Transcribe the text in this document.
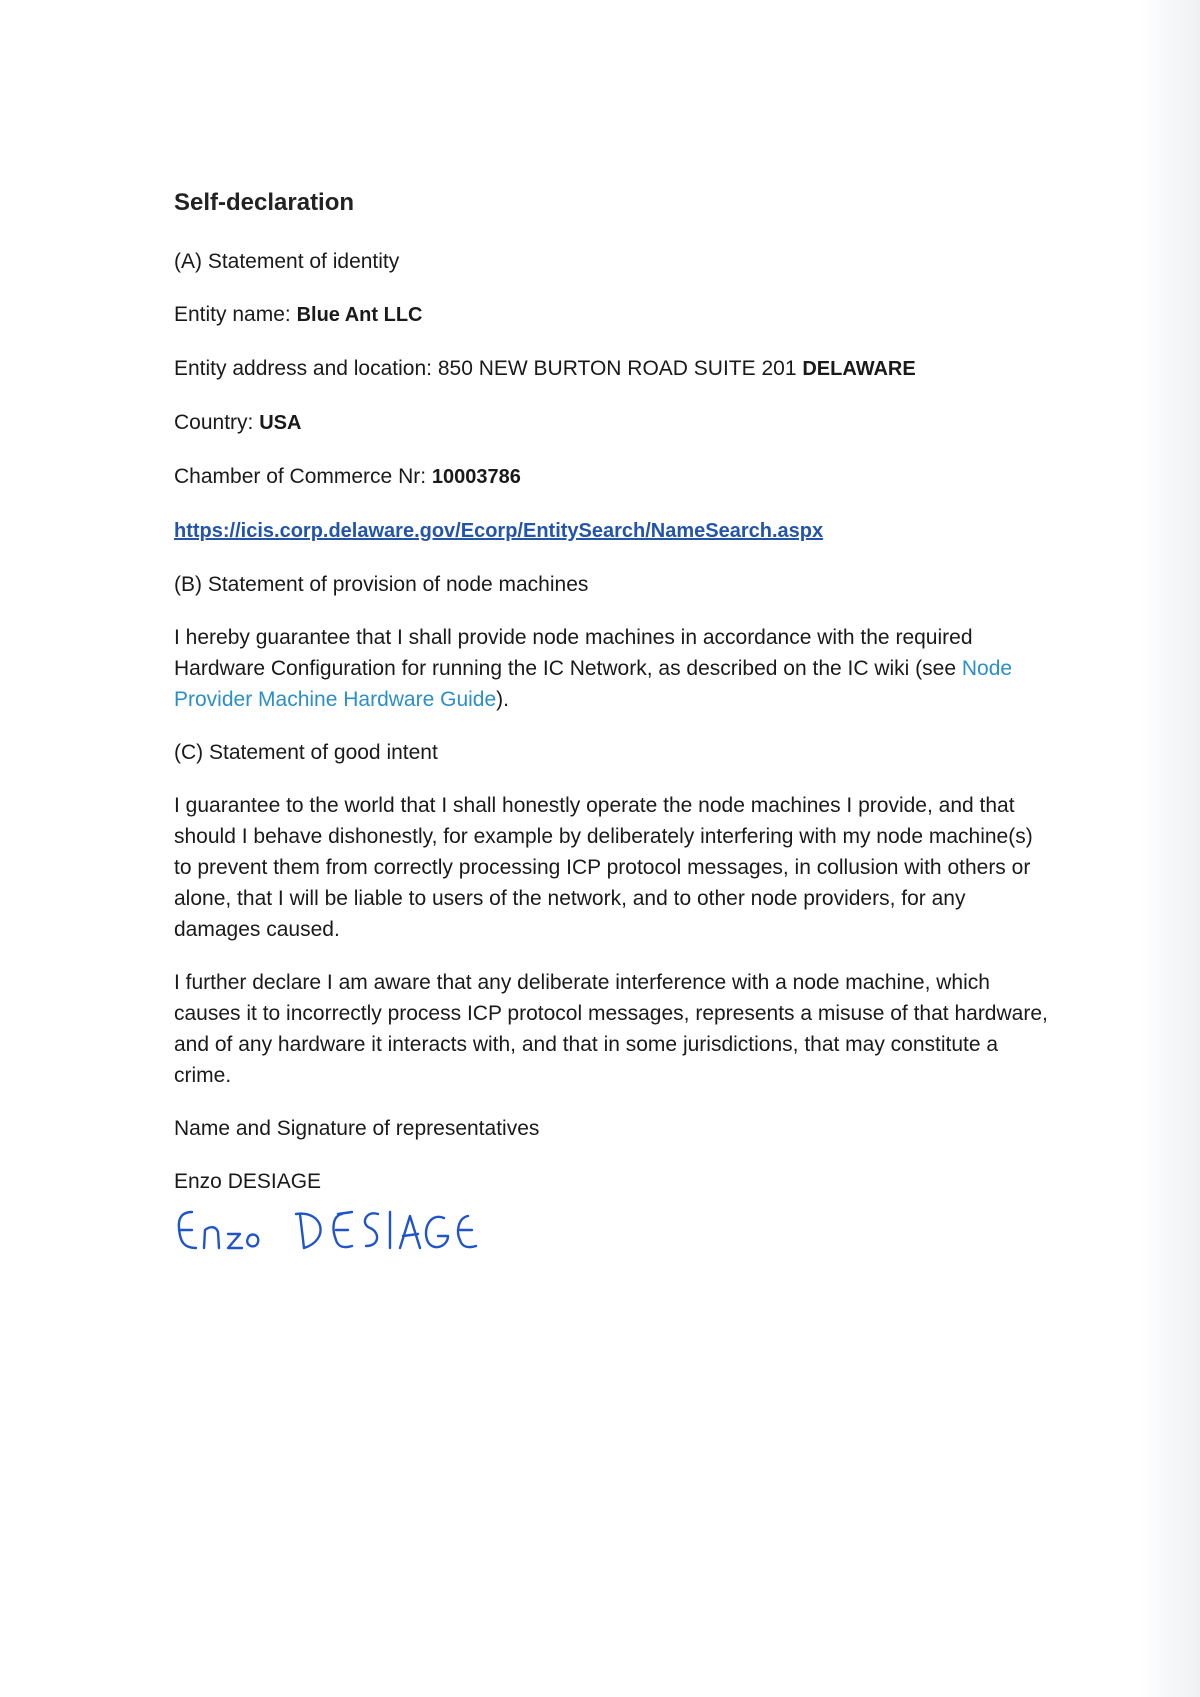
Self-declaration

(A) Statement of identity

Entity name: Blue Ant LLC

Entity address and location: 850 NEW BURTON ROAD SUITE 201 DELAWARE

Country: USA

Chamber of Commerce Nr: 10003786

https://icis.corp.delaware.gov/Ecorp/EntitySearch/NameSearch.aspx

(B) Statement of provision of node machines

I hereby guarantee that I shall provide node machines in accordance with the required Hardware Configuration for running the IC Network, as described on the IC wiki (see Node Provider Machine Hardware Guide).

(C) Statement of good intent

I guarantee to the world that I shall honestly operate the node machines I provide, and that should I behave dishonestly, for example by deliberately interfering with my node machine(s) to prevent them from correctly processing ICP protocol messages, in collusion with others or alone, that I will be liable to users of the network, and to other node providers, for any damages caused.

I further declare I am aware that any deliberate interference with a node machine, which causes it to incorrectly process ICP protocol messages, represents a misuse of that hardware, and of any hardware it interacts with, and that in some jurisdictions, that may constitute a crime.

Name and Signature of representatives

Enzo DESIAGE
